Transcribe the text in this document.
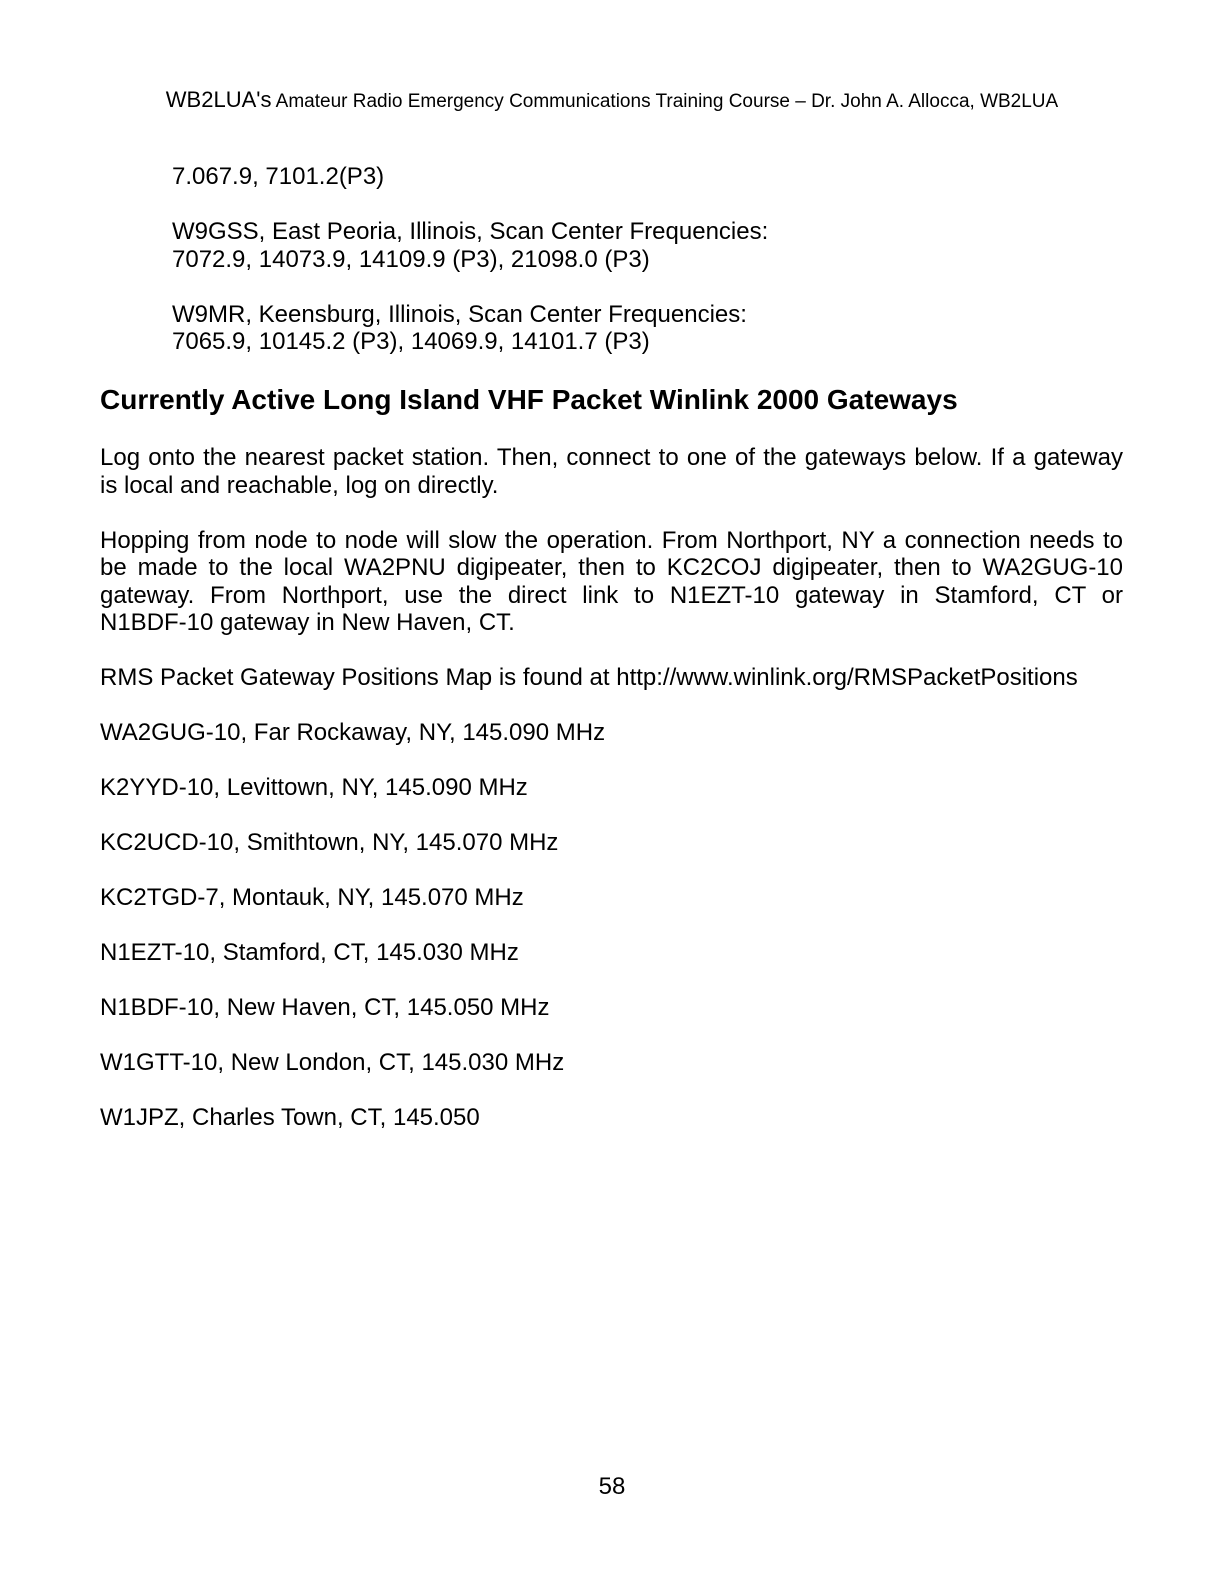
WB2LUA's Amateur Radio Emergency Communications Training Course – Dr. John A. Allocca, WB2LUA

7.067.9, 7101.2(P3)

W9GSS, East Peoria, Illinois, Scan Center Frequencies:
7072.9, 14073.9, 14109.9 (P3), 21098.0 (P3)
W9MR, Keensburg, Illinois, Scan Center Frequencies:
7065.9, 10145.2 (P3), 14069.9, 14101.7 (P3)
Currently Active Long Island VHF Packet Winlink 2000 Gateways
Log onto the nearest packet station. Then, connect to one of the gateways below. If a gateway
is local and reachable, log on directly.
Hopping from node to node will slow the operation. From Northport, NY a connection needs to
be made to the local WA2PNU digipeater, then to KC2COJ digipeater, then to WA2GUG-10
gateway. From Northport, use the direct link to N1EZT-10 gateway in Stamford, CT or
N1BDF-10 gateway in New Haven, CT.

RMS Packet Gateway Positions Map is found at http://www.winlink.org/RMSPacketPositions

WA2GUG-10, Far Rockaway, NY, 145.090 MHz

K2YYD-10, Levittown, NY, 145.090 MHz

KC2UCD-10, Smithtown, NY, 145.070 MHz

KC2TGD-7, Montauk, NY, 145.070 MHz

N1EZT-10, Stamford, CT, 145.030 MHz

N1BDF-10, New Haven, CT, 145.050 MHz

W1GTT-10, New London, CT, 145.030 MHz

W1JPZ, Charles Town, CT, 145.050

58
